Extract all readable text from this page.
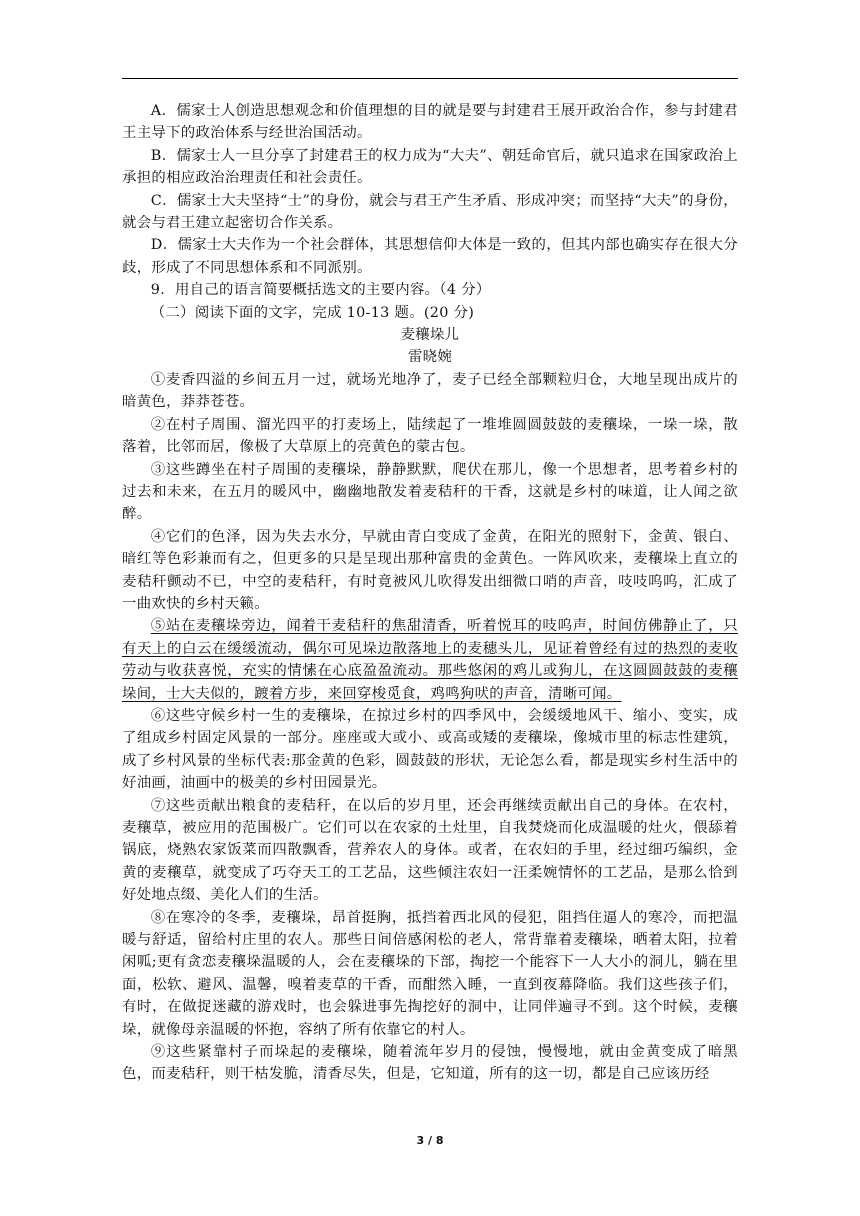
A．儒家士人创造思想观念和价值理想的目的就是要与封建君王展开政治合作，参与封建君王主导下的政治体系与经世治国活动。

B．儒家士人一旦分享了封建君王的权力成为“大夫”、朝廷命官后，就只追求在国家政治上承担的相应政治治理责任和社会责任。

C．儒家士大夫坚持“士”的身份，就会与君王产生矛盾、形成冲突；而坚持“大夫”的身份，就会与君王建立起密切合作关系。

D．儒家士大夫作为一个社会群体，其思想信仰大体是一致的，但其内部也确实存在很大分歧，形成了不同思想体系和不同派别。

9．用自己的语言简要概括选文的主要内容。（4 分）

（二）阅读下面的文字，完成 10-13 题。(20 分)

麦穰垛儿

雷晓婉

①麦香四溢的乡间五月一过，就场光地净了，麦子已经全部颗粒归仓，大地呈现出成片的暗黄色，莽莽苍苍。

②在村子周围、溜光四平的打麦场上，陆续起了一堆堆圆圆鼓鼓的麦穰垛，一垛一垛，散落着，比邻而居，像极了大草原上的亮黄色的蒙古包。

③这些蹲坐在村子周围的麦穰垛，静静默默，爬伏在那儿，像一个思想者，思考着乡村的过去和未来，在五月的暖风中，幽幽地散发着麦秸秆的干香，这就是乡村的味道，让人闻之欲醉。

④它们的色泽，因为失去水分，早就由青白变成了金黄，在阳光的照射下，金黄、银白、暗红等色彩兼而有之，但更多的只是呈现出那种富贵的金黄色。一阵风吹来，麦穰垛上直立的麦秸秆颤动不已，中空的麦秸秆，有时竟被风儿吹得发出细微口哨的声音，吱吱呜呜，汇成了一曲欢快的乡村天籁。

⑤站在麦穰垛旁边，闻着干麦秸秆的焦甜清香，听着悦耳的吱呜声，时间仿佛静止了，只有天上的白云在缓缓流动，偶尔可见垛边散落地上的麦穗头儿，见证着曾经有过的热烈的麦收劳动与收获喜悦，充实的情愫在心底盈盈流动。那些悠闲的鸡儿或狗儿，在这圆圆鼓鼓的麦穰垛间，士大夫似的，踱着方步，来回穿梭觅食，鸡鸣狗吠的声音，清晰可闻。

⑥这些守候乡村一生的麦穰垛，在掠过乡村的四季风中，会缓缓地风干、缩小、变实，成了组成乡村固定风景的一部分。座座或大或小、或高或矮的麦穰垛，像城市里的标志性建筑，成了乡村风景的坐标代表:那金黄的色彩，圆鼓鼓的形状，无论怎么看，都是现实乡村生活中的好油画，油画中的极美的乡村田园景光。

⑦这些贡献出粮食的麦秸秆，在以后的岁月里，还会再继续贡献出自己的身体。在农村，麦穰草，被应用的范围极广。它们可以在农家的土灶里，自我焚烧而化成温暖的灶火，偎舔着锅底，烧熟农家饭菜而四散飘香，营养农人的身体。或者，在农妇的手里，经过细巧编织，金黄的麦穰草，就变成了巧夺天工的工艺品，这些倾注农妇一汪柔婉情怀的工艺品，是那么恰到好处地点缀、美化人们的生活。

⑧在寒冷的冬季，麦穰垛，昂首挺胸，抵挡着西北风的侵犯，阻挡住逼人的寒冷，而把温暖与舒适，留给村庄里的农人。那些日间倍感闲松的老人，常背靠着麦穰垛，晒着太阳，拉着闲呱;更有贪恋麦穰垛温暖的人，会在麦穰垛的下部，掏挖一个能容下一人大小的洞儿，躺在里面，松软、避风、温馨，嗅着麦草的干香，而酣然入睡，一直到夜幕降临。我们这些孩子们，有时，在做捉迷藏的游戏时，也会躲进事先掏挖好的洞中，让同伴遍寻不到。这个时候，麦穰垛，就像母亲温暖的怀抱，容纳了所有依靠它的村人。

⑨这些紧靠村子而垛起的麦穰垛，随着流年岁月的侵蚀，慢慢地，就由金黄变成了暗黑色，而麦秸秆，则干枯发脆，清香尽失，但是，它知道，所有的这一切，都是自己应该历经

3 / 8
